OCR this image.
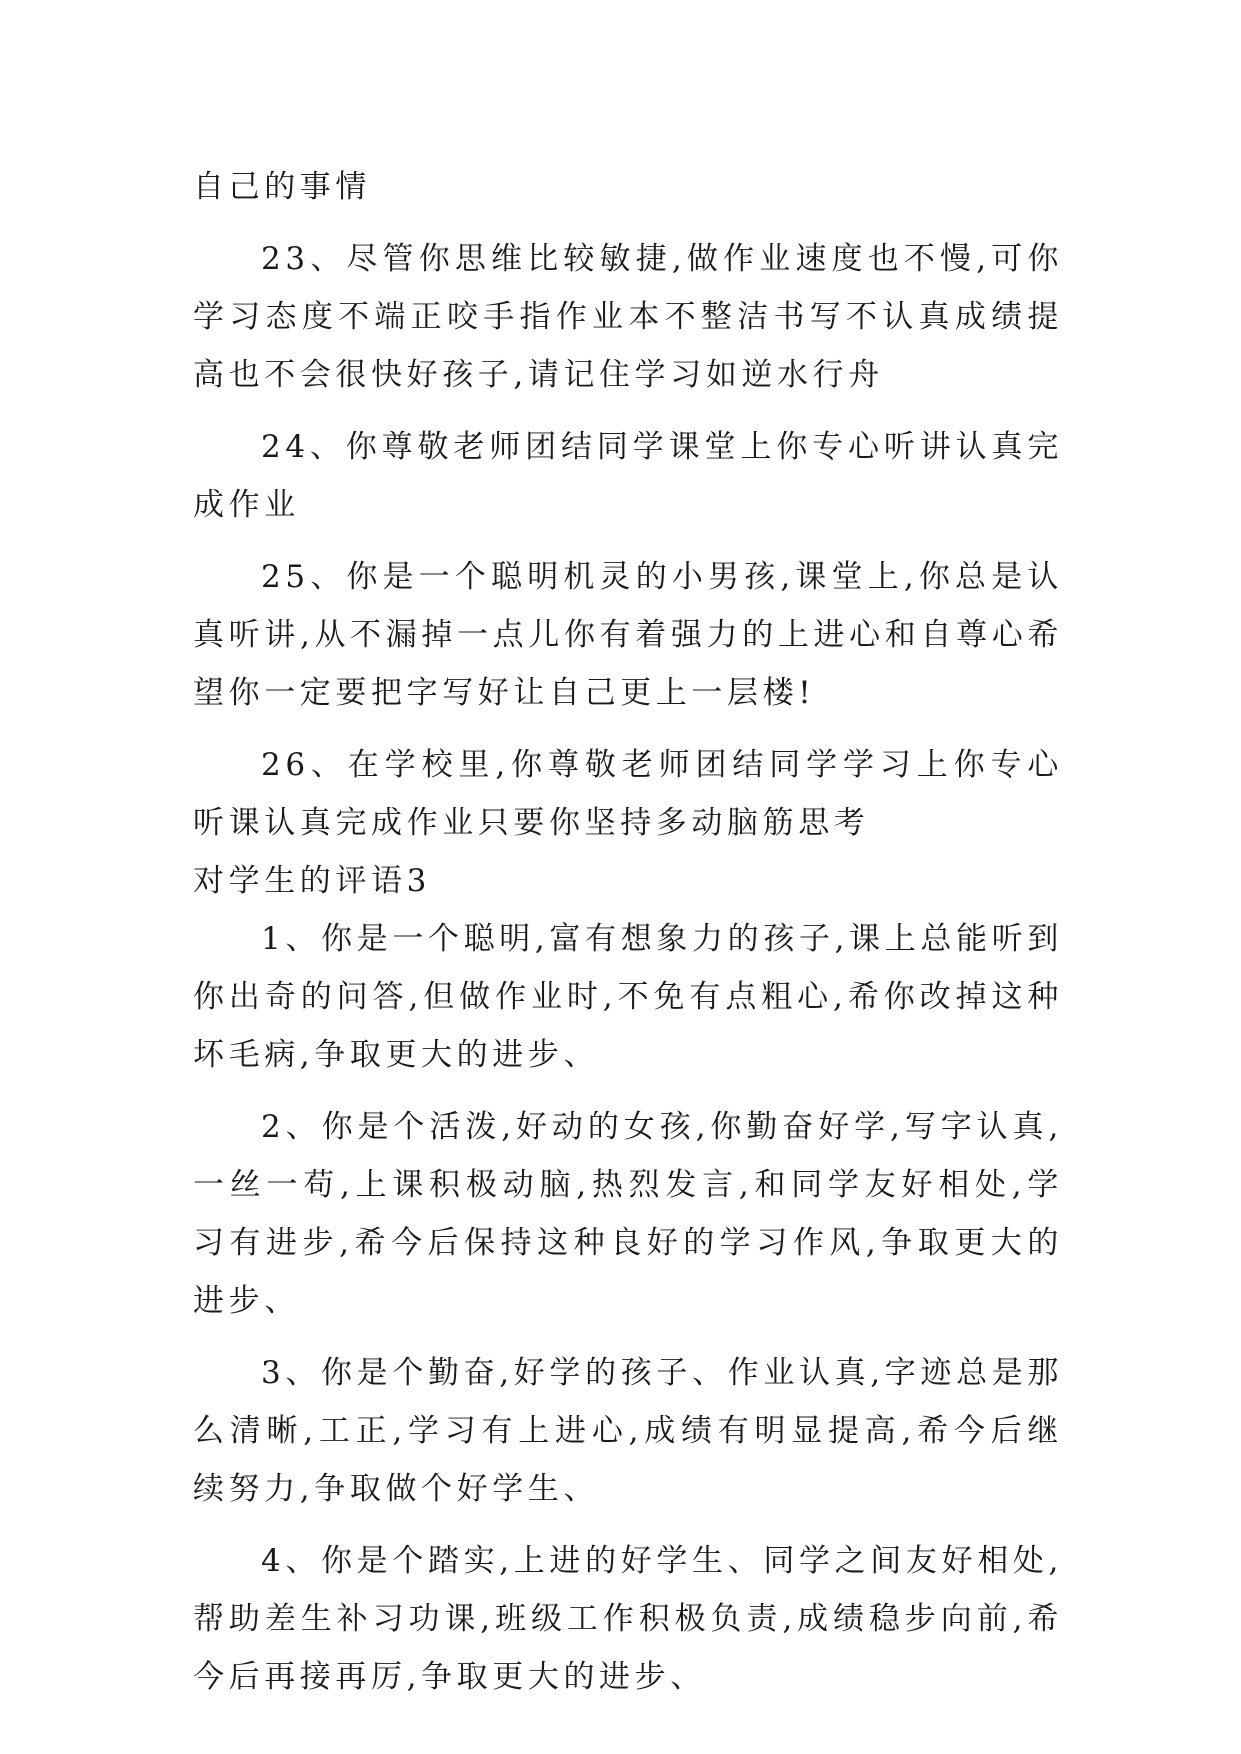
自己的事情

23、尽管你思维比较敏捷,做作业速度也不慢,可你学习态度不端正咬手指作业本不整洁书写不认真成绩提高也不会很快好孩子,请记住学习如逆水行舟

24、你尊敬老师团结同学课堂上你专心听讲认真完成作业

25、你是一个聪明机灵的小男孩,课堂上,你总是认真听讲,从不漏掉一点儿你有着强力的上进心和自尊心希望你一定要把字写好让自己更上一层楼!

26、在学校里,你尊敬老师团结同学学习上你专心听课认真完成作业只要你坚持多动脑筋思考

对学生的评语3

1、你是一个聪明,富有想象力的孩子,课上总能听到你出奇的问答,但做作业时,不免有点粗心,希你改掉这种坏毛病,争取更大的进步、

2、你是个活泼,好动的女孩,你勤奋好学,写字认真,一丝一苟,上课积极动脑,热烈发言,和同学友好相处,学习有进步,希今后保持这种良好的学习作风,争取更大的进步、

3、你是个勤奋,好学的孩子、作业认真,字迹总是那么清晰,工正,学习有上进心,成绩有明显提高,希今后继续努力,争取做个好学生、

4、你是个踏实,上进的好学生、同学之间友好相处,帮助差生补习功课,班级工作积极负责,成绩稳步向前,希今后再接再厉,争取更大的进步、
